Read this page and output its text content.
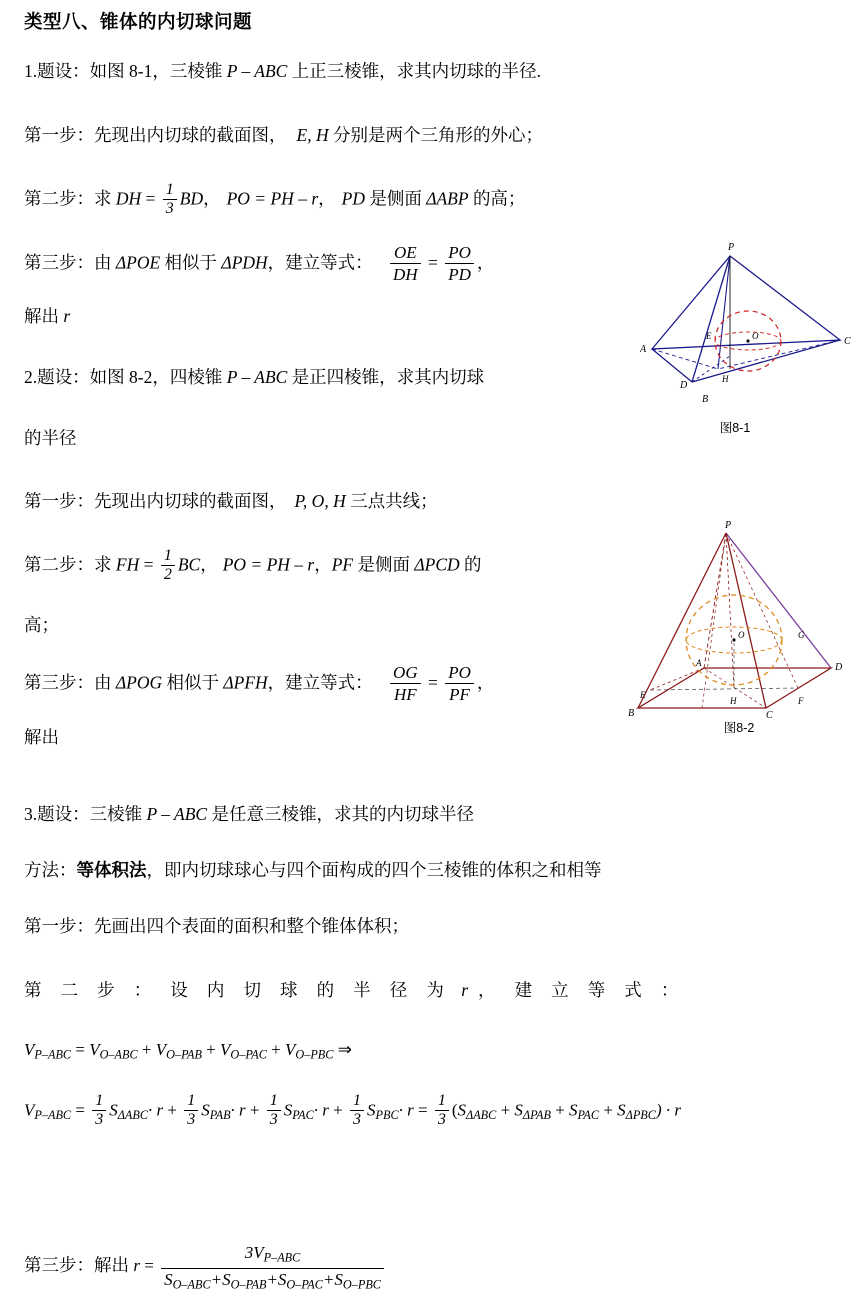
类型八、锥体的内切球问题
1.题设：如图 8-1，三棱锥 P – ABC 上正三棱锥，求其内切球的半径.
第一步：先现出内切球的截面图， E, H 分别是两个三角形的外心；
第二步：求 DH = $\frac{1}{3}$ BD， PO = PH – r， PD 是侧面 ΔABP 的高；
第三步：由 ΔPOE 相似于 ΔPDH，建立等式： $\frac{OE}{DH} = \frac{PO}{PD}$ ，
解出 r
2.题设：如图 8-2，四棱锥 P – ABC 是正四棱锥，求其内切球
的半径
第一步：先现出内切球的截面图， P, O, H 三点共线；
第二步：求 FH = $\frac{1}{2}$ BC， PO = PH – r，PF 是侧面 ΔPCD 的
高；
第三步：由 ΔPOG 相似于 ΔPFH，建立等式： $\frac{OG}{HF} = \frac{PO}{PF}$ ，
解出
3.题设：三棱锥 P – ABC 是任意三棱锥，求其的内切球半径
方法：等体积法，即内切球球心与四个面构成的四个三棱锥的体积之和相等
第一步：先画出四个表面的面积和整个锥体体积；
第 二 步 ： 设 内 切 球 的 半 径 为 r ， 建 立 等 式 ：
$V_{P-ABC} = V_{O-ABC} + V_{O-PAB} + V_{O-PAC} + V_{O-PBC}$ ⇒
$V_{P-ABC} = \frac{1}{3} S_{\Delta ABC}\cdot r + \frac{1}{3} S_{PAB}\cdot r + \frac{1}{3} S_{PAC}\cdot r + \frac{1}{3} S_{PBC}\cdot r = \frac{1}{3} (S_{\Delta ABC} + S_{\Delta PAB} + S_{PAC} + S_{\Delta PBC}) \cdot r$
第三步：解出 $r = \frac{3V_{P-ABC}}{S_{O-ABC}+S_{O-PAB}+S_{O-PAC}+S_{O-PBC}}$
P
A
C
D
B
E	O
H
图8-1
P
B	C
D
A
E
F
G
H
O
图8-2
